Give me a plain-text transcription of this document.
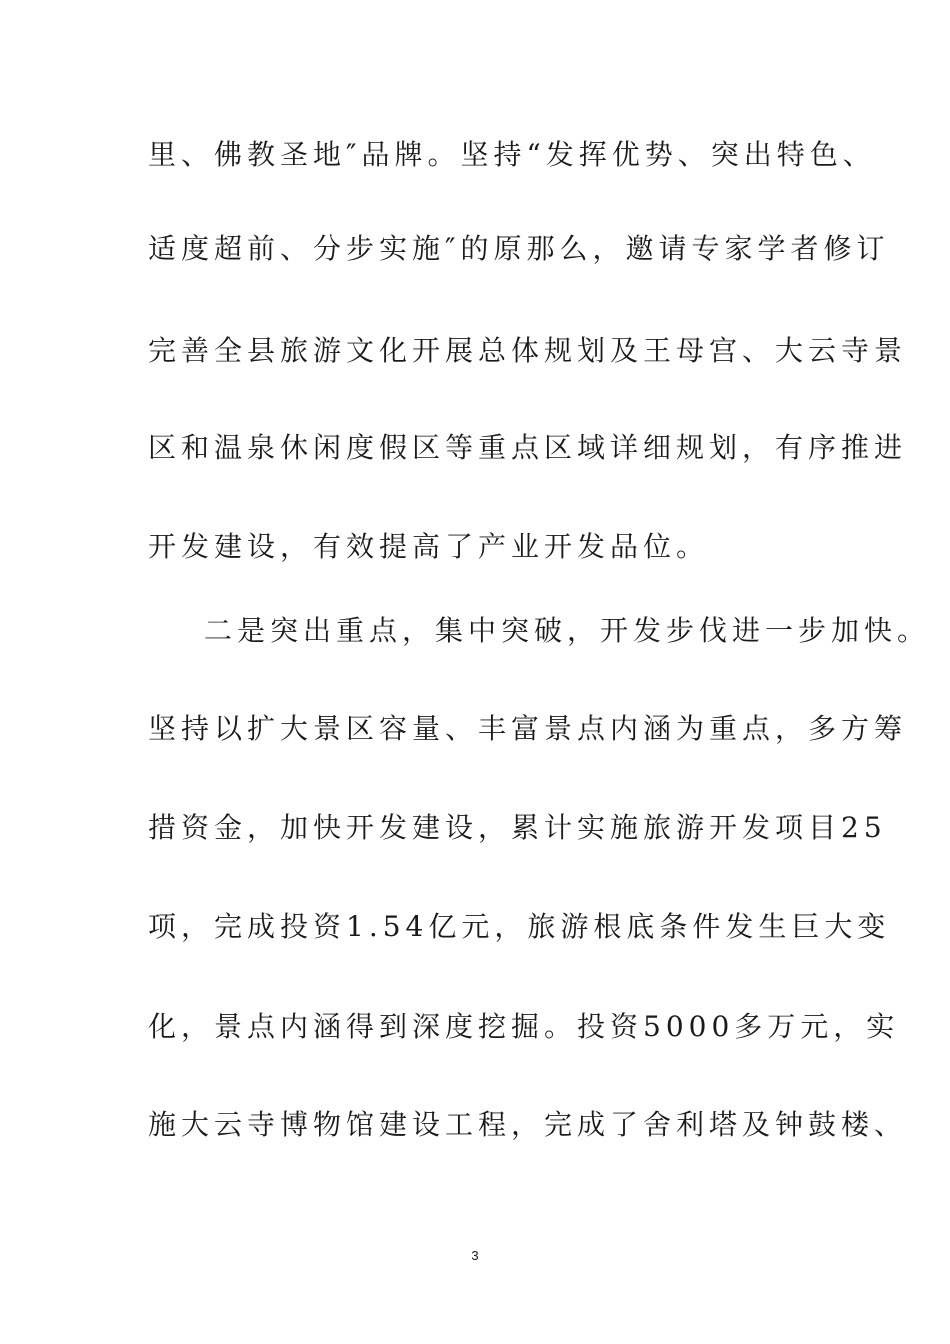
里、佛教圣地″品牌。坚持“发挥优势、突出特色、

适度超前、分步实施″的原那么，邀请专家学者修订

完善全县旅游文化开展总体规划及王母宫、大云寺景

区和温泉休闲度假区等重点区域详细规划，有序推进

开发建设，有效提高了产业开发品位。

二是突出重点，集中突破，开发步伐进一步加快。

坚持以扩大景区容量、丰富景点内涵为重点，多方筹

措资金，加快开发建设，累计实施旅游开发项目25

项，完成投资1.54亿元，旅游根底条件发生巨大变

化，景点内涵得到深度挖掘。投资5000多万元，实

施大云寺博物馆建设工程，完成了舍利塔及钟鼓楼、

3
